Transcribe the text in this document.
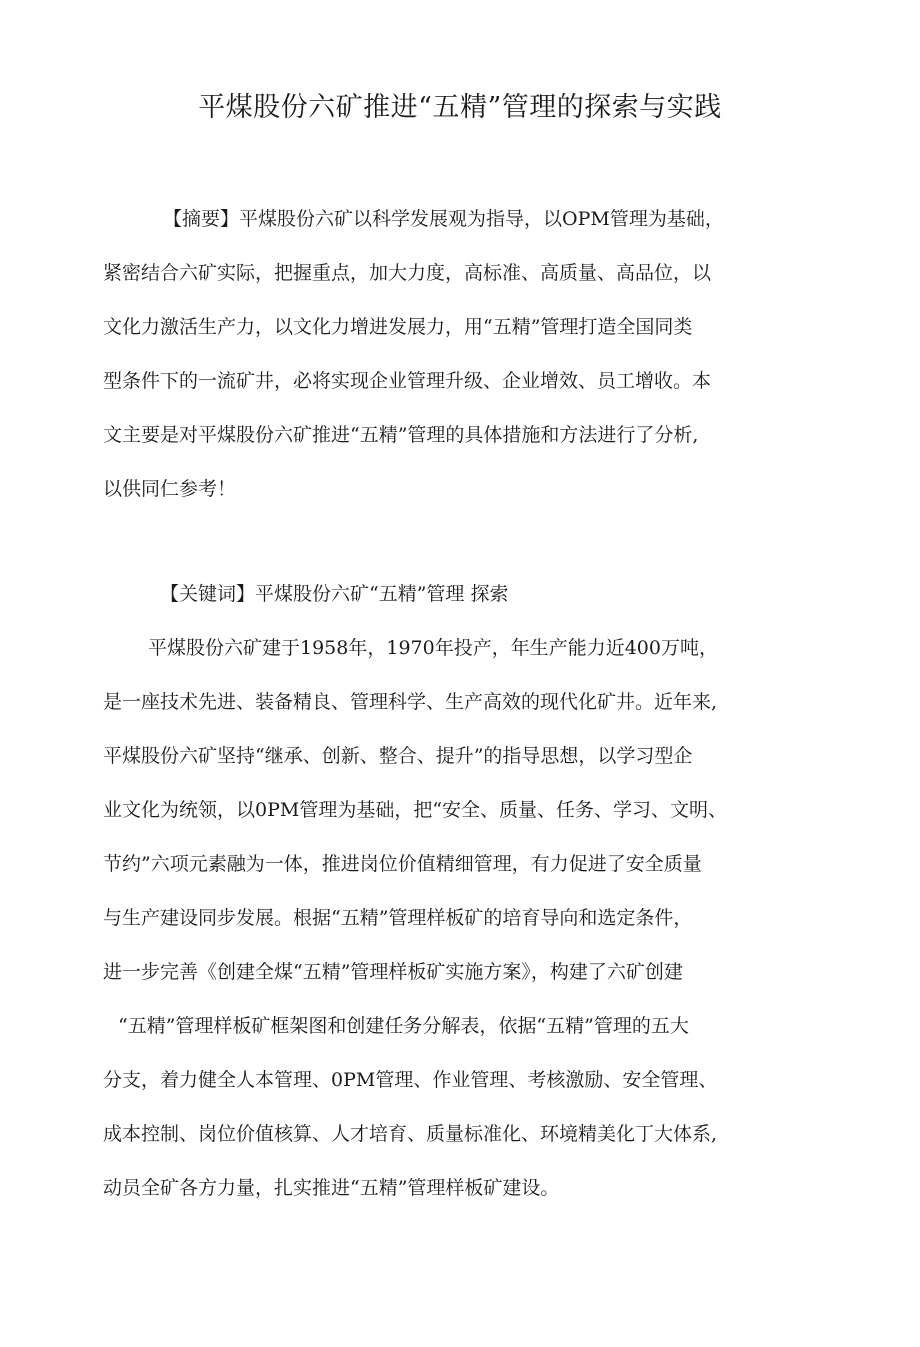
平煤股份六矿推进“五精”管理的探索与实践
【摘要】平煤股份六矿以科学发展观为指导，以OPM管理为基础，
紧密结合六矿实际，把握重点，加大力度，高标准、高质量、高品位，以
文化力激活生产力，以文化力增进发展力，用“五精”管理打造全国同类
型条件下的一流矿井，必将实现企业管理升级、企业增效、员工增收。本
文主要是对平煤股份六矿推进“五精”管理的具体措施和方法进行了分析,
以供同仁参考！
【关键词】平煤股份六矿“五精”管理 探索
平煤股份六矿建于1958年，1970年投产，年生产能力近400万吨，
是一座技术先进、装备精良、管理科学、生产高效的现代化矿井。近年来,
平煤股份六矿坚持“继承、创新、整合、提升”的指导思想，以学习型企
业文化为统领，以0PM管理为基础，把“安全、质量、任务、学习、文明、
节约”六项元素融为一体，推进岗位价值精细管理，有力促进了安全质量
与生产建设同步发展。根据“五精”管理样板矿的培育导向和选定条件，
进一步完善《创建全煤“五精”管理样板矿实施方案》，构建了六矿创建
“五精”管理样板矿框架图和创建任务分解表，依据“五精”管理的五大
分支，着力健全人本管理、0PM管理、作业管理、考核激励、安全管理、
成本控制、岗位价值核算、人才培育、质量标准化、环境精美化丁大体系,
动员全矿各方力量，扎实推进“五精”管理样板矿建设。
